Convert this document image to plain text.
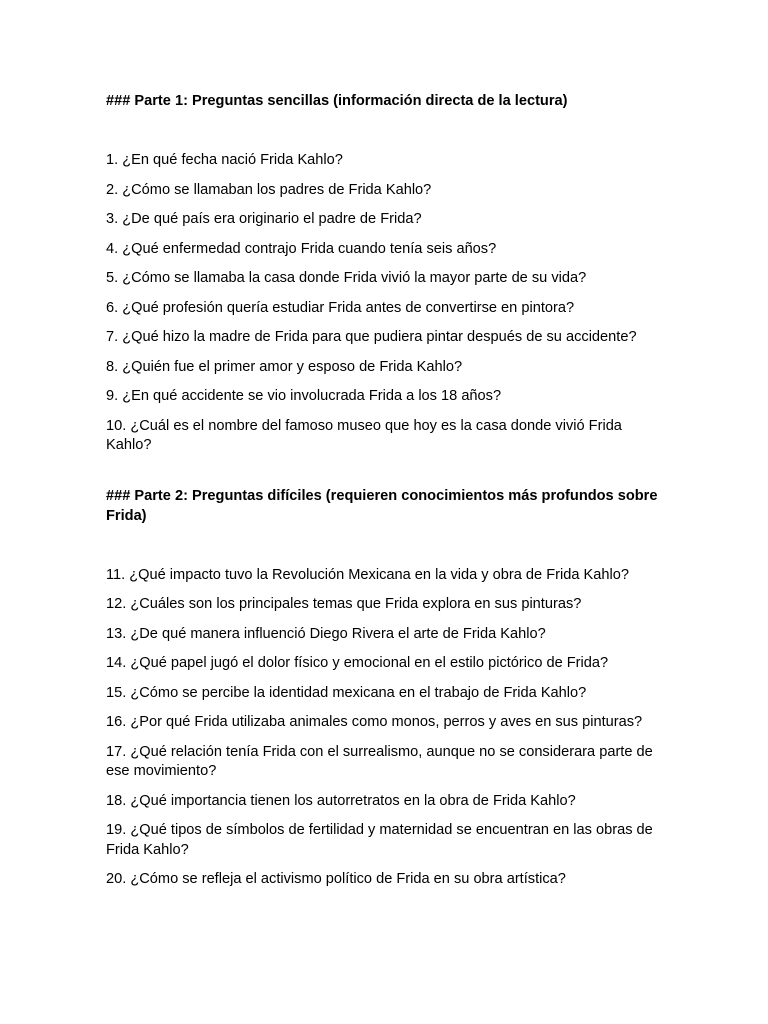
### Parte 1: Preguntas sencillas (información directa de la lectura)
1. ¿En qué fecha nació Frida Kahlo?
2. ¿Cómo se llamaban los padres de Frida Kahlo?
3. ¿De qué país era originario el padre de Frida?
4. ¿Qué enfermedad contrajo Frida cuando tenía seis años?
5. ¿Cómo se llamaba la casa donde Frida vivió la mayor parte de su vida?
6. ¿Qué profesión quería estudiar Frida antes de convertirse en pintora?
7. ¿Qué hizo la madre de Frida para que pudiera pintar después de su accidente?
8. ¿Quién fue el primer amor y esposo de Frida Kahlo?
9. ¿En qué accidente se vio involucrada Frida a los 18 años?
10. ¿Cuál es el nombre del famoso museo que hoy es la casa donde vivió Frida Kahlo?
### Parte 2: Preguntas difíciles (requieren conocimientos más profundos sobre Frida)
11. ¿Qué impacto tuvo la Revolución Mexicana en la vida y obra de Frida Kahlo?
12. ¿Cuáles son los principales temas que Frida explora en sus pinturas?
13. ¿De qué manera influenció Diego Rivera el arte de Frida Kahlo?
14. ¿Qué papel jugó el dolor físico y emocional en el estilo pictórico de Frida?
15. ¿Cómo se percibe la identidad mexicana en el trabajo de Frida Kahlo?
16. ¿Por qué Frida utilizaba animales como monos, perros y aves en sus pinturas?
17. ¿Qué relación tenía Frida con el surrealismo, aunque no se considerara parte de ese movimiento?
18. ¿Qué importancia tienen los autorretratos en la obra de Frida Kahlo?
19. ¿Qué tipos de símbolos de fertilidad y maternidad se encuentran en las obras de Frida Kahlo?
20. ¿Cómo se refleja el activismo político de Frida en su obra artística?
